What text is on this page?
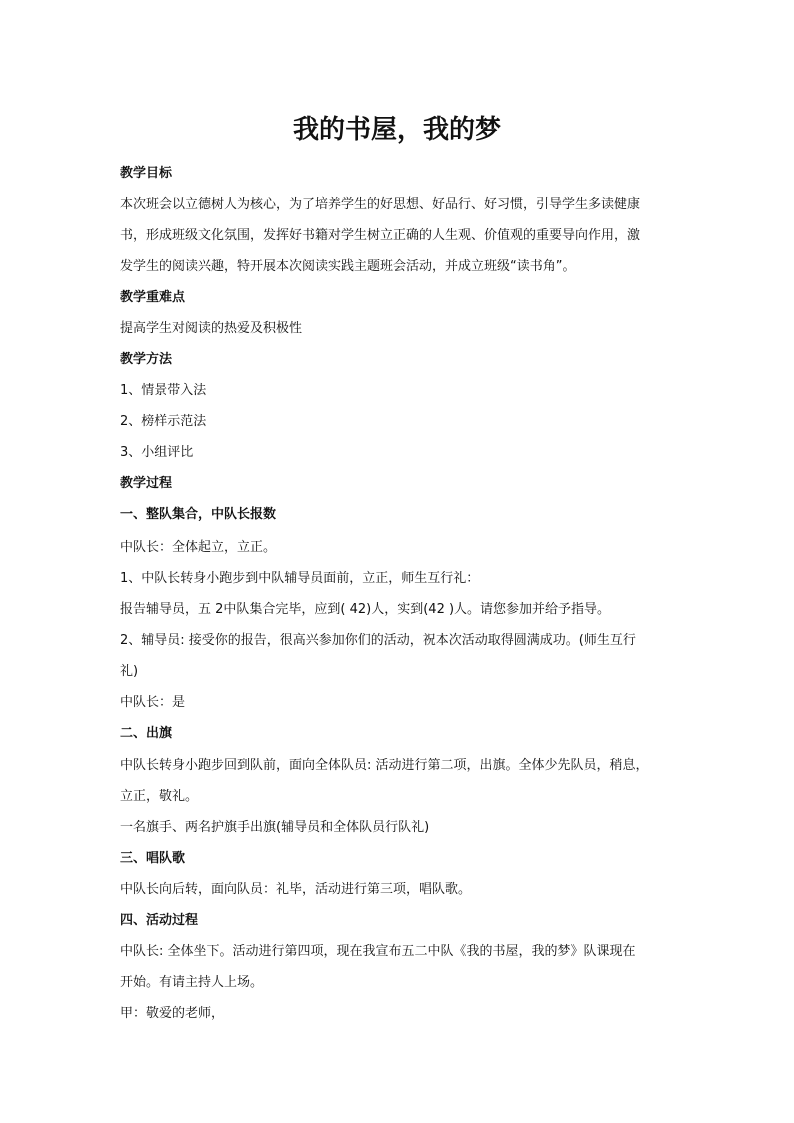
我的书屋，我的梦
教学目标
本次班会以立德树人为核心，为了培养学生的好思想、好品行、好习惯，引导学生多读健康
书，形成班级文化氛围，发挥好书籍对学生树立正确的人生观、价值观的重要导向作用，激
发学生的阅读兴趣，特开展本次阅读实践主题班会活动，并成立班级“读书角”。
教学重难点
提高学生对阅读的热爱及积极性
教学方法
1、情景带入法
2、榜样示范法
3、小组评比
教学过程
一、整队集合，中队长报数
中队长：全体起立，立正。
1、中队长转身小跑步到中队辅导员面前，立正，师生互行礼：
报告辅导员，五 2中队集合完毕，应到( 42)人，实到(42 )人。请您参加并给予指导。
2、辅导员: 接受你的报告，很高兴参加你们的活动，祝本次活动取得圆满成功。(师生互行
礼)
中队长：是
二、出旗
中队长转身小跑步回到队前，面向全体队员: 活动进行第二项，出旗。全体少先队员，稍息，
立正，敬礼。
一名旗手、两名护旗手出旗(辅导员和全体队员行队礼)
三、唱队歌
中队长向后转，面向队员：礼毕，活动进行第三项，唱队歌。
四、活动过程
中队长: 全体坐下。活动进行第四项，现在我宣布五二中队《我的书屋，我的梦》队课现在
开始。有请主持人上场。
甲：敬爱的老师，
